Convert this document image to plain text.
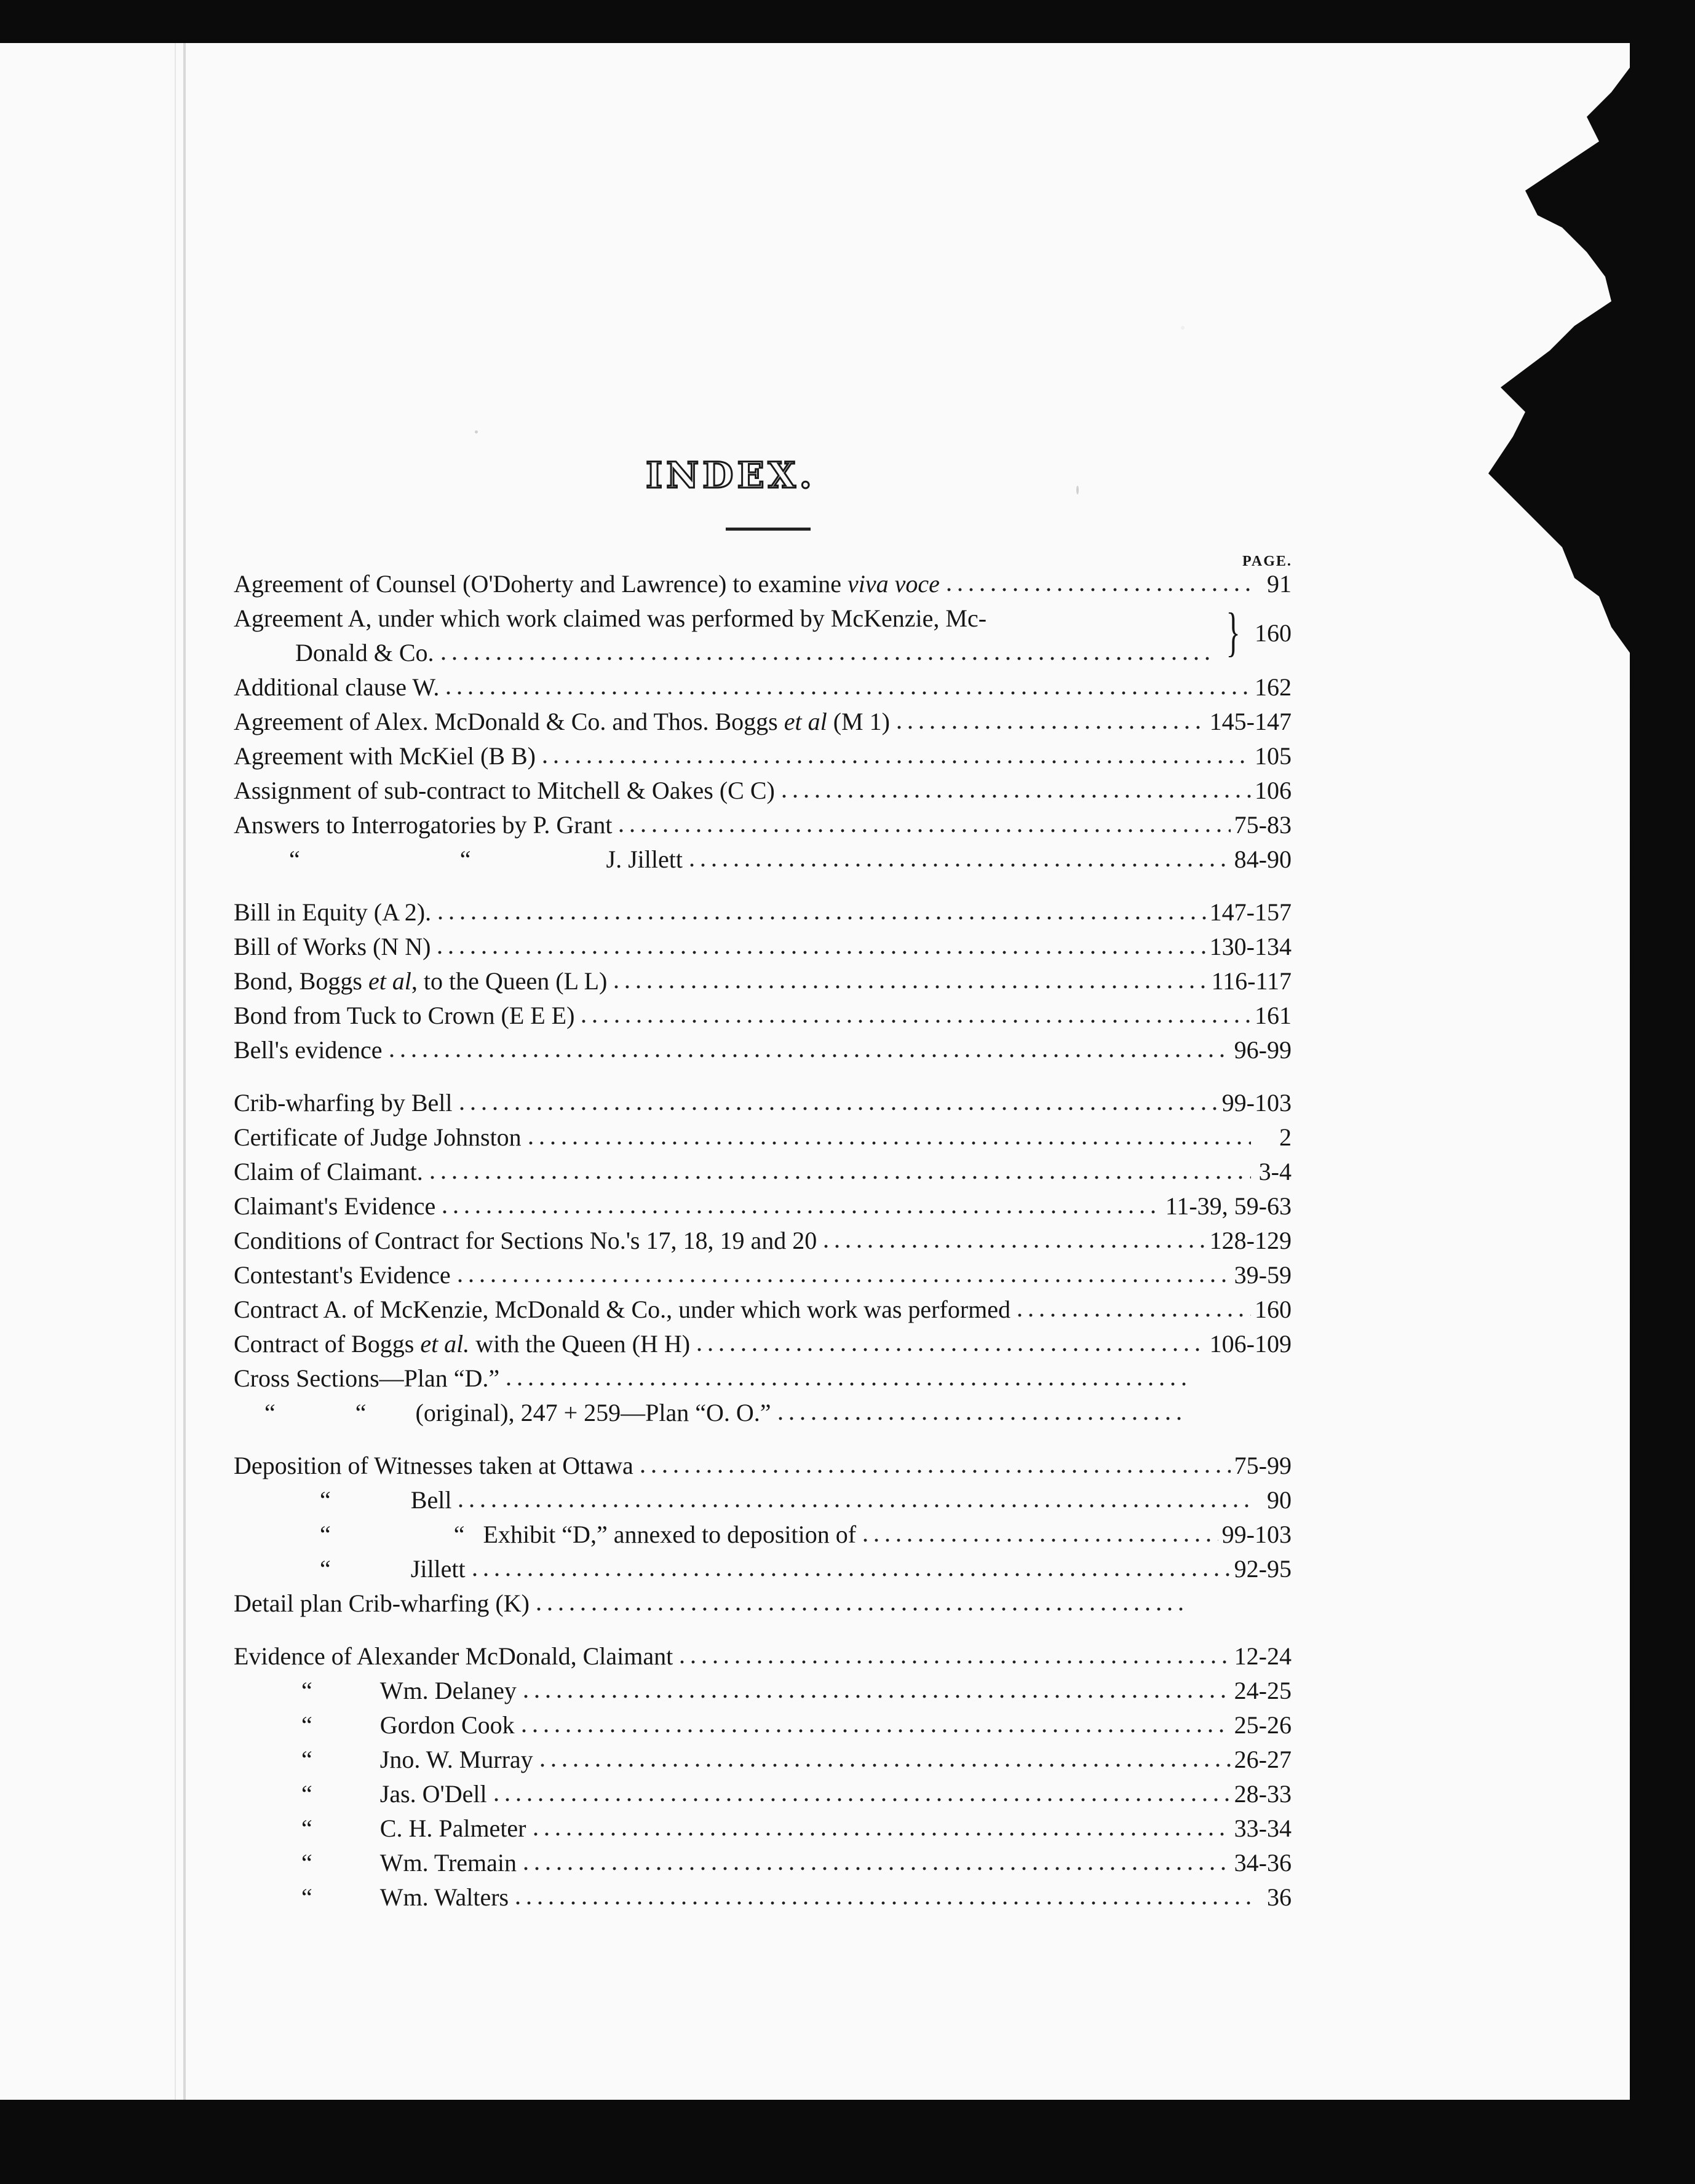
INDEX.
PAGE.
Agreement of Counsel (O'Doherty and Lawrence) to examine viva voce	91
Agreement A, under which work claimed was performed by McKenzie, Mc-
Donald & Co.	} 160
Additional clause W.	162
Agreement of Alex. McDonald & Co. and Thos. Boggs et al (M 1)	145-147
Agreement with McKiel (B B)	105
Assignment of sub-contract to Mitchell & Oakes (C C)	106
Answers to Interrogatories by P. Grant	75-83
“	“	J. Jillett	84-90
Bill in Equity (A 2).	147-157
Bill of Works (N N)	130-134
Bond, Boggs et al, to the Queen (L L)	116-117
Bond from Tuck to Crown (E E E)	161
Bell's evidence	96-99
Crib-wharfing by Bell	99-103
Certificate of Judge Johnston	2
Claim of Claimant.	3-4
Claimant's Evidence	11-39, 59-63
Conditions of Contract for Sections No.'s 17, 18, 19 and 20	128-129
Contestant's Evidence	39-59
Contract A. of McKenzie, McDonald & Co., under which work was performed	160
Contract of Boggs et al. with the Queen (H H)	106-109
Cross Sections—Plan “D.”
“	“ (original), 247 + 259—Plan “O. O.”
Deposition of Witnesses taken at Ottawa	75-99
“	Bell	90
“	“ Exhibit “D,” annexed to deposition of	99-103
“	Jillett	92-95
Detail plan Crib-wharfing (K)
Evidence of Alexander McDonald, Claimant	12-24
“	Wm. Delaney	24-25
“	Gordon Cook	25-26
“	Jno. W. Murray	26-27
“	Jas. O'Dell	28-33
“	C. H. Palmeter	33-34
“	Wm. Tremain	34-36
“	Wm. Walters	36
